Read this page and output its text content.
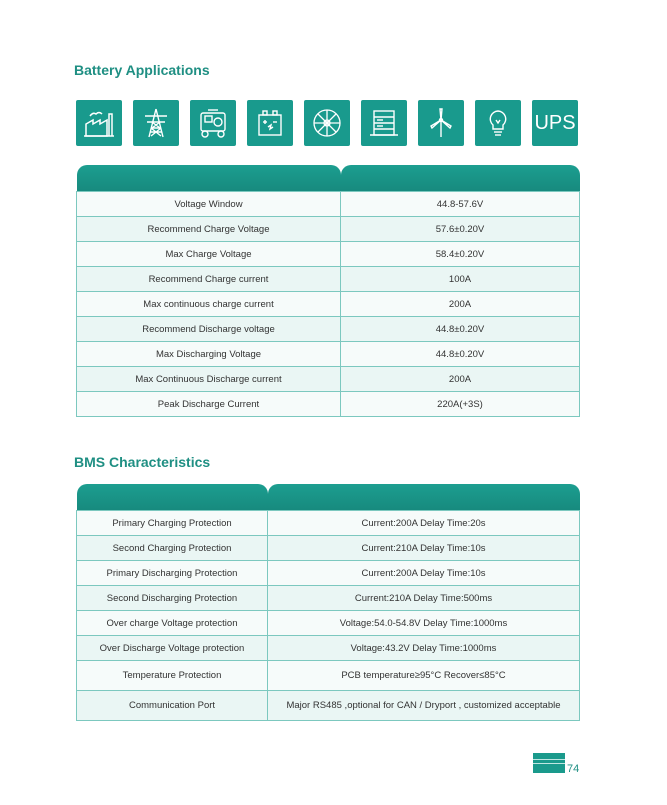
Battery Applications
UPS

Voltage Window	44.8-57.6V
Recommend Charge Voltage	57.6±0.20V
Max Charge Voltage	58.4±0.20V
Recommend Charge current	100A
Max continuous charge current	200A
Recommend Discharge voltage	44.8±0.20V
Max Discharging Voltage	44.8±0.20V
Max Continuous Discharge current	200A
Peak Discharge Current	220A(+3S)
BMS Characteristics

Primary Charging Protection	Current:200A Delay Time:20s
Second Charging Protection	Current:210A Delay Time:10s
Primary Discharging Protection	Current:200A Delay Time:10s
Second Discharging Protection	Current:210A Delay Time:500ms
Over charge Voltage protection	Voltage:54.0-54.8V Delay Time:1000ms
Over Discharge Voltage protection	Voltage:43.2V Delay Time:1000ms
Temperature Protection	PCB temperature≥95°C Recover≤85°C
Communication Port	Major RS485 ,optional for CAN / Dryport , customized acceptable
74
